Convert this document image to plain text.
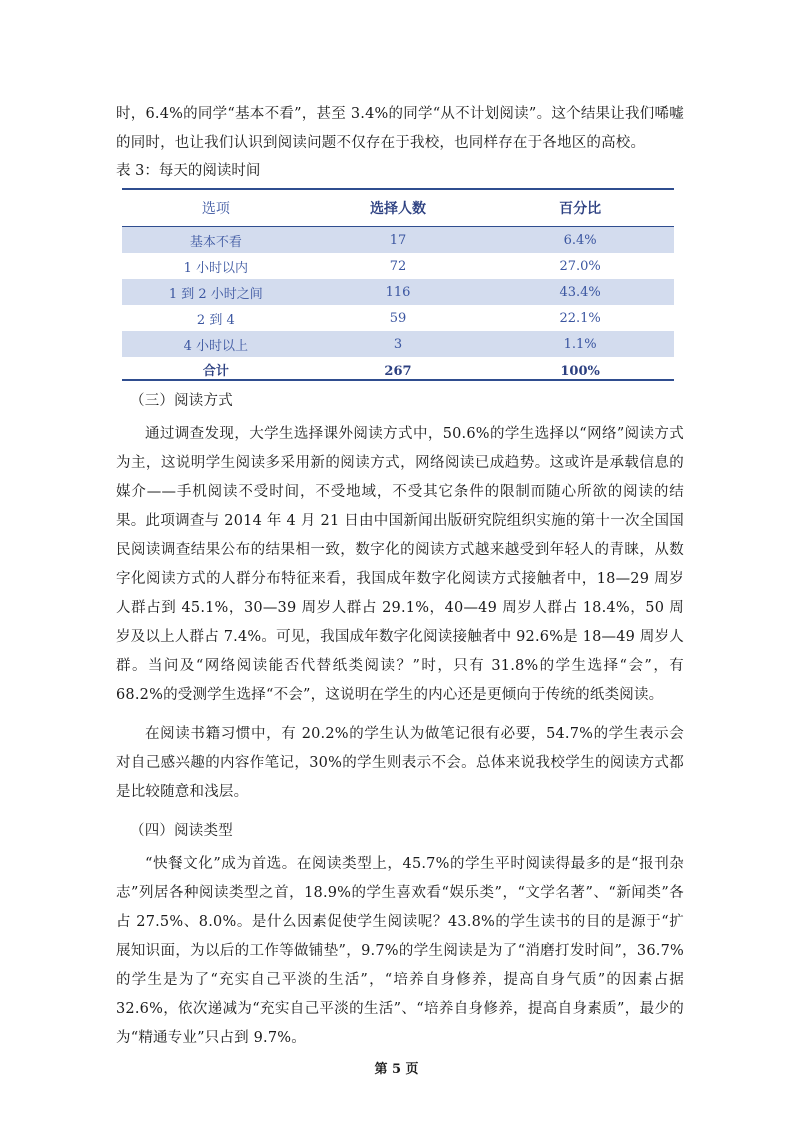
时，6.4%的同学“基本不看”，甚至 3.4%的同学“从不计划阅读”。这个结果让我们唏嘘的同时，也让我们认识到阅读问题不仅存在于我校，也同样存在于各地区的高校。

表 3：每天的阅读时间
选项	选择人数	百分比
基本不看	17	6.4%
1 小时以内	72	27.0%
1 到 2 小时之间	116	43.4%
2 到 4	59	22.1%
4 小时以上	3	1.1%
合计	267	100%

（三）阅读方式

通过调查发现，大学生选择课外阅读方式中，50.6%的学生选择以“网络”阅读方式为主，这说明学生阅读多采用新的阅读方式，网络阅读已成趋势。这或许是承载信息的媒介——手机阅读不受时间，不受地域，不受其它条件的限制而随心所欲的阅读的结果。此项调查与 2014 年 4 月 21 日由中国新闻出版研究院组织实施的第十一次全国国民阅读调查结果公布的结果相一致，数字化的阅读方式越来越受到年轻人的青睐，从数字化阅读方式的人群分布特征来看，我国成年数字化阅读方式接触者中，18—29 周岁人群占到 45.1%，30—39 周岁人群占 29.1%，40—49 周岁人群占 18.4%，50 周岁及以上人群占 7.4%。可见，我国成年数字化阅读接触者中 92.6%是 18—49 周岁人群。当问及“网络阅读能否代替纸类阅读？”时，只有 31.8%的学生选择“会”，有 68.2%的受测学生选择“不会”，这说明在学生的内心还是更倾向于传统的纸类阅读。

在阅读书籍习惯中，有 20.2%的学生认为做笔记很有必要，54.7%的学生表示会对自己感兴趣的内容作笔记，30%的学生则表示不会。总体来说我校学生的阅读方式都是比较随意和浅层。

（四）阅读类型

“快餐文化”成为首选。在阅读类型上，45.7%的学生平时阅读得最多的是“报刊杂志”列居各种阅读类型之首，18.9%的学生喜欢看“娱乐类”，“文学名著”、“新闻类”各占 27.5%、8.0%。是什么因素促使学生阅读呢？43.8%的学生读书的目的是源于“扩展知识面，为以后的工作等做铺垫”，9.7%的学生阅读是为了“消磨打发时间”，36.7% 的学生是为了“充实自己平淡的生活”，“培养自身修养，提高自身气质”的因素占据 32.6%，依次递减为“充实自己平淡的生活”、“培养自身修养，提高自身素质”，最少的为“精通专业”只占到 9.7%。

第 5 页
